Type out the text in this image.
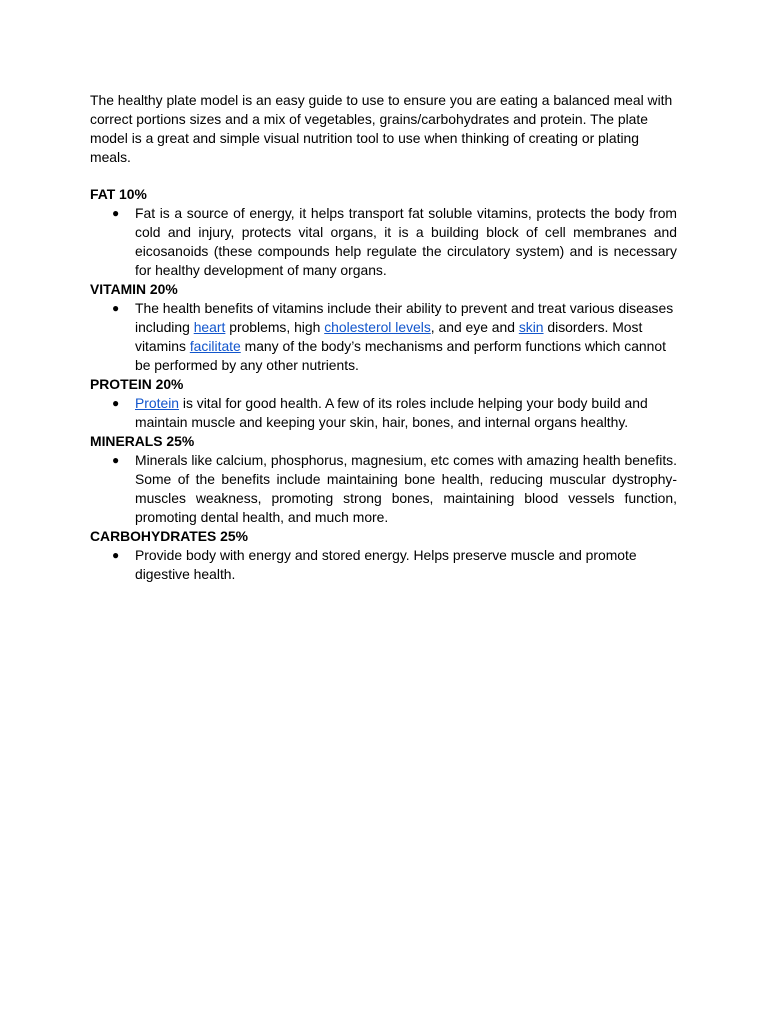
The healthy plate model is an easy guide to use to ensure you are eating a balanced meal with correct portions sizes and a mix of vegetables, grains/carbohydrates and protein. The plate model is a great and simple visual nutrition tool to use when thinking of creating or plating meals.

FAT 10%

● Fat is a source of energy, it helps transport fat soluble vitamins, protects the body from cold and injury, protects vital organs, it is a building block of cell membranes and eicosanoids (these compounds help regulate the circulatory system) and is necessary for healthy development of many organs.

VITAMIN 20%

● The health benefits of vitamins include their ability to prevent and treat various diseases including heart problems, high cholesterol levels, and eye and skin disorders. Most vitamins facilitate many of the body’s mechanisms and perform functions which cannot be performed by any other nutrients.

PROTEIN 20%

● Protein is vital for good health. A few of its roles include helping your body build and maintain muscle and keeping your skin, hair, bones, and internal organs healthy.

MINERALS 25%

● Minerals like calcium, phosphorus, magnesium, etc comes with amazing health benefits. Some of the benefits include maintaining bone health, reducing muscular dystrophy-muscles weakness, promoting strong bones, maintaining blood vessels function, promoting dental health, and much more.

CARBOHYDRATES 25%

● Provide body with energy and stored energy. Helps preserve muscle and promote digestive health.
